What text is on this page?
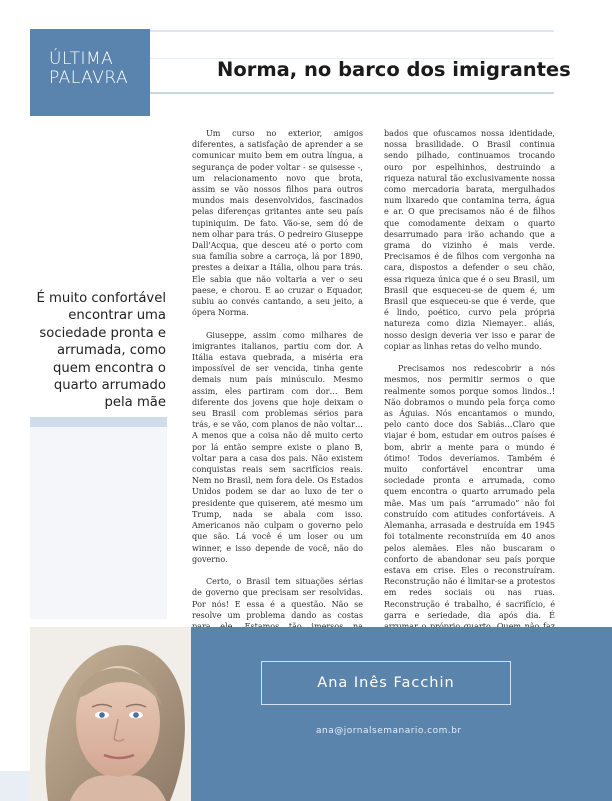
ÚLTIMA
PALAVRA	Norma, no barco dos imigrantes
É muito confortável encontrar uma sociedade pronta e arrumada, como quem encontra o quarto arrumado pela mãe

Um curso no exterior, amigos diferentes, a satisfação de aprender a se comunicar muito bem em outra língua, a segurança de poder voltar - se quisesse -, um relacionamento novo que brota, assim se vão nossos filhos para outros mundos mais desenvolvidos, fascinados pelas diferenças gritantes ante seu país tupiniquim. De fato. Vão-se, sem dó de nem olhar para trás. O pedreiro Giuseppe Dall'Acqua, que desceu até o porto com sua família sobre a carroça, lá por 1890, prestes a deixar a Itália, olhou para trás. Ele sabia que não voltaria a ver o seu paese, e chorou. E ao cruzar o Equador, subiu ao convés cantando, a seu jeito, a ópera Norma.

Giuseppe, assim como milhares de imigrantes italianos, partiu com dor. A Itália estava quebrada, a miséria era impossível de ser vencida, tinha gente demais num país minúsculo. Mesmo assim, eles partiram com dor… Bem diferente dos jovens que hoje deixam o seu Brasil com problemas sérios para trás, e se vão, com planos de não voltar… A menos que a coisa não dê muito certo por lá então sempre existe o plano B, voltar para a casa dos pais. Não existem conquistas reais sem sacrifícios reais. Nem no Brasil, nem fora dele. Os Estados Unidos podem se dar ao luxo de ter o presidente que quiserem, até mesmo um Trump, nada se abala com isso. Americanos não culpam o governo pelo que são. Lá você é um loser ou um winner, e isso depende de você, não do governo.

Certo, o Brasil tem situações sérias de governo que precisam ser resolvidas. Por nós! E essa é a questão. Não se resolve um problema dando as costas

bados que ofuscamos nossa identidade, nossa brasilidade. O Brasil continua sendo pilhado, continuamos trocando ouro por espelhinhos, destruindo a riqueza natural tão exclusivamente nossa como mercadoria barata, mergulhados num lixaredo que contamina terra, água e ar. O que precisamos não é de filhos que comodamente deixam o quarto desarrumado para irão achando que a grama do vizinho é mais verde. Precisamos é de filhos com vergonha na cara, dispostos a defender o seu chão, essa riqueza única que é o seu Brasil, um Brasil que esqueceu-se de quem é, um Brasil que esqueceu-se que é verde, que é lindo, poético, curvo pela própria natureza como dizia Niemayer.. aliás, nosso design deveria ver isso e parar de copiar as linhas retas do velho mundo.

Precisamos nos redescobrir a nós mesmos, nos permitir sermos o que realmente somos porque somos lindos..! Não dobramos o mundo pela força como as Águias. Nós encantamos o mundo, pelo canto doce dos Sabiás…Claro que viajar é bom, estudar em outros países é bom, abrir a mente para o mundo é ótimo! Todos deveríamos. Também é muito confortável encontrar uma sociedade pronta e arrumada, como quem encontra o quarto arrumado pela mãe. Mas um país “arrumado” não foi construído com atitudes confortáveis. A Alemanha, arrasada e destruída em 1945 foi totalmente reconstruída em 40 anos pelos alemães. Eles não buscaram o conforto de abandonar seu país porque estava em crise. Eles o reconstruíram. Reconstrução não é limitar-se a protestos em redes sociais ou nas ruas. Reconstrução é trabalho, é sacrifício, é garra e seriedade, dia após dia. É

Ana Inês Facchin
ana@jornalsemanario.com.br
